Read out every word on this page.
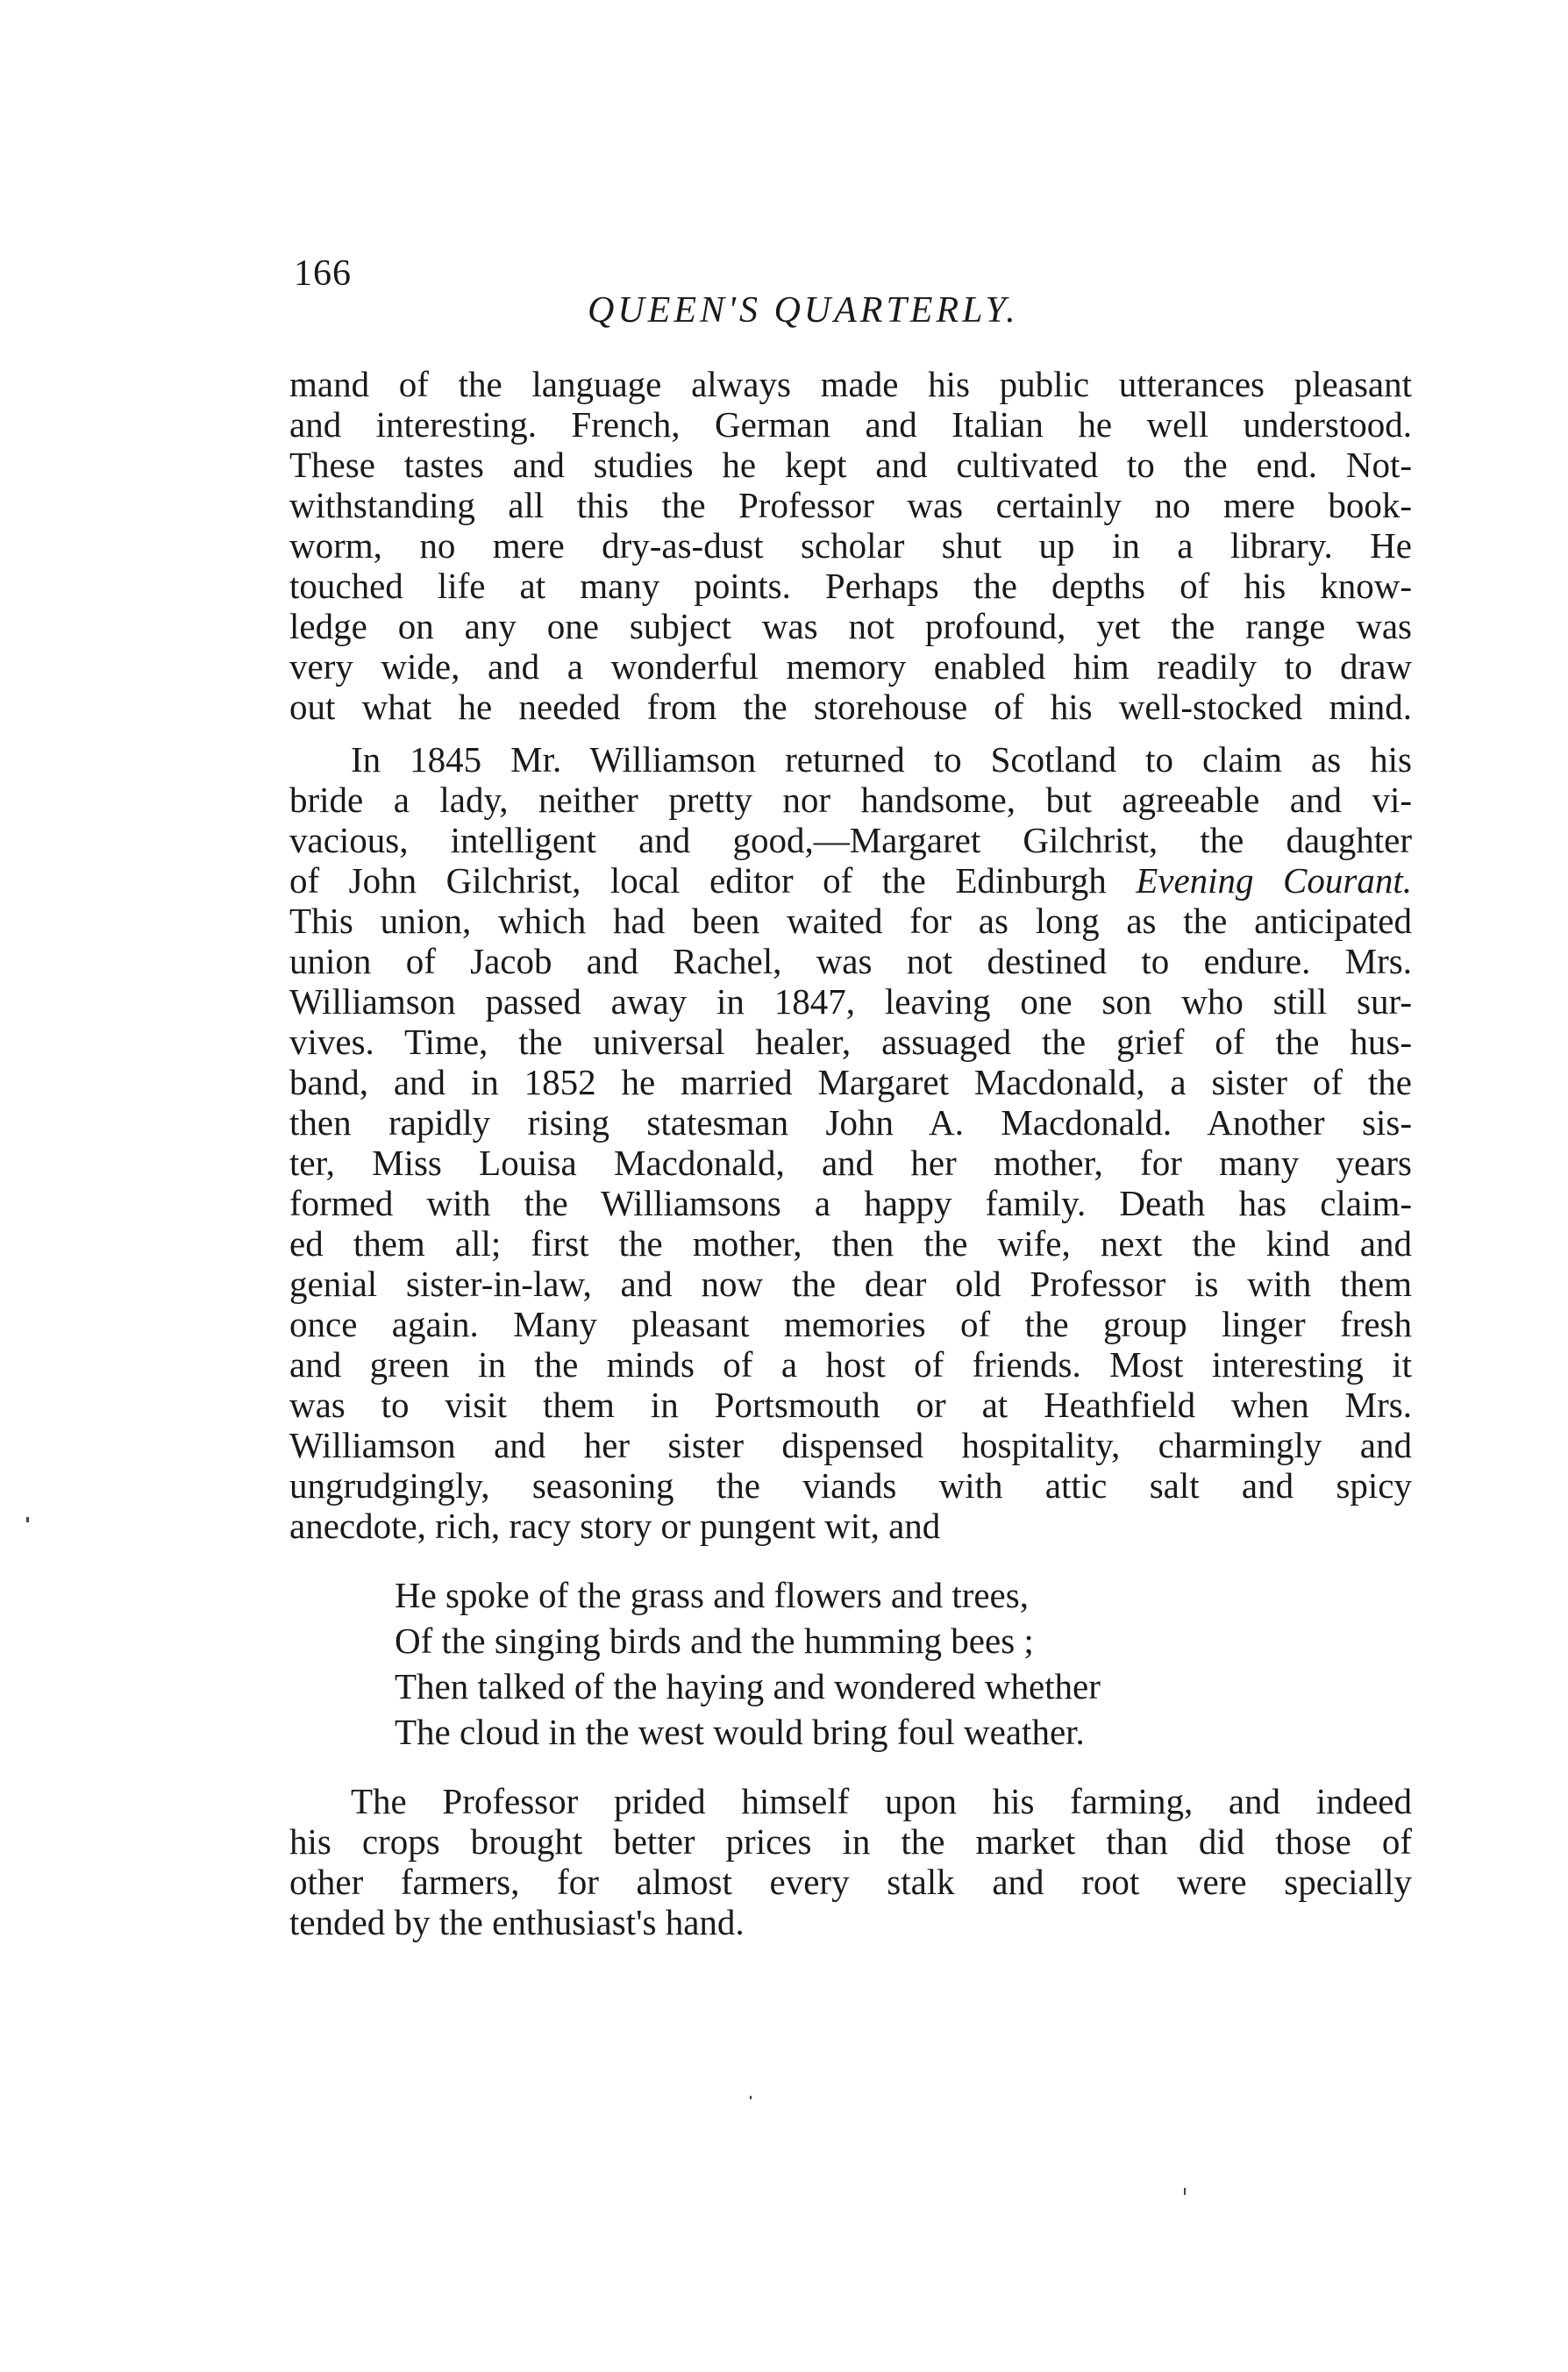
166
QUEEN'S QUARTERLY.
mand of the language always made his public utterances pleasant
and interesting. French, German and Italian he well understood.
These tastes and studies he kept and cultivated to the end. Not-
withstanding all this the Professor was certainly no mere book-
worm, no mere dry-as-dust scholar shut up in a library. He
touched life at many points. Perhaps the depths of his know-
ledge on any one subject was not profound, yet the range was
very wide, and a wonderful memory enabled him readily to draw
out what he needed from the storehouse of his well-stocked mind.
In 1845 Mr. Williamson returned to Scotland to claim as his
bride a lady, neither pretty nor handsome, but agreeable and vi-
vacious, intelligent and good,—Margaret Gilchrist, the daughter
of John Gilchrist, local editor of the Edinburgh Evening Courant.
This union, which had been waited for as long as the anticipated
union of Jacob and Rachel, was not destined to endure. Mrs.
Williamson passed away in 1847, leaving one son who still sur-
vives. Time, the universal healer, assuaged the grief of the hus-
band, and in 1852 he married Margaret Macdonald, a sister of the
then rapidly rising statesman John A. Macdonald. Another sis-
ter, Miss Louisa Macdonald, and her mother, for many years
formed with the Williamsons a happy family. Death has claim-
ed them all; first the mother, then the wife, next the kind and
genial sister-in-law, and now the dear old Professor is with them
once again. Many pleasant memories of the group linger fresh
and green in the minds of a host of friends. Most interesting it
was to visit them in Portsmouth or at Heathfield when Mrs.
Williamson and her sister dispensed hospitality, charmingly and
ungrudgingly, seasoning the viands with attic salt and spicy
anecdote, rich, racy story or pungent wit, and
He spoke of the grass and flowers and trees,
Of the singing birds and the humming bees ;
Then talked of the haying and wondered whether
The cloud in the west would bring foul weather.
The Professor prided himself upon his farming, and indeed
his crops brought better prices in the market than did those of
other farmers, for almost every stalk and root were specially
tended by the enthusiast's hand.
